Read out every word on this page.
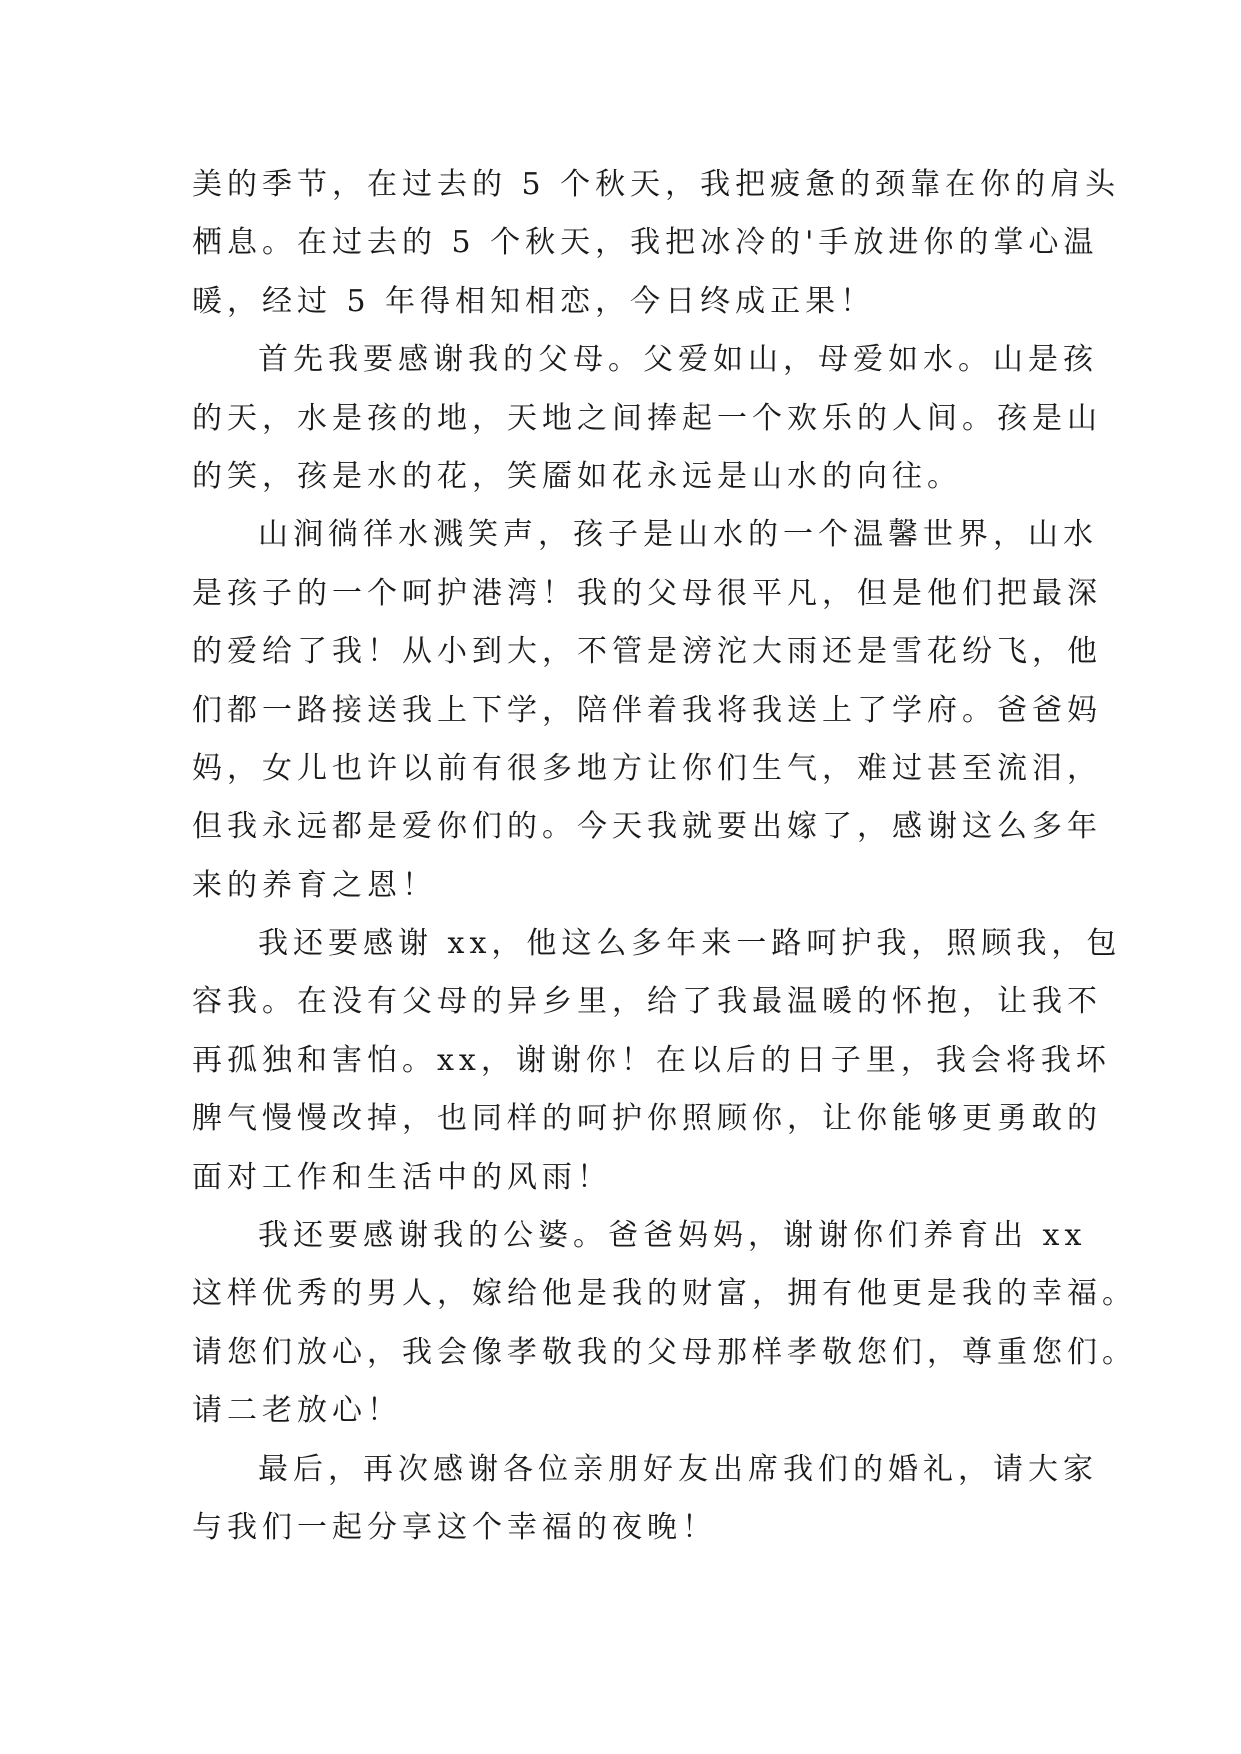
美的季节，在过去的 5 个秋天，我把疲惫的颈靠在你的肩头
栖息。在过去的 5 个秋天，我把冰冷的'手放进你的掌心温
暖，经过 5 年得相知相恋，今日终成正果！
首先我要感谢我的父母。父爱如山，母爱如水。山是孩
的天，水是孩的地，天地之间捧起一个欢乐的人间。孩是山
的笑，孩是水的花，笑靥如花永远是山水的向往。
山涧徜徉水溅笑声，孩子是山水的一个温馨世界，山水
是孩子的一个呵护港湾！我的父母很平凡，但是他们把最深
的爱给了我！从小到大，不管是滂沱大雨还是雪花纷飞，他
们都一路接送我上下学，陪伴着我将我送上了学府。爸爸妈
妈，女儿也许以前有很多地方让你们生气，难过甚至流泪，
但我永远都是爱你们的。今天我就要出嫁了，感谢这么多年
来的养育之恩！
我还要感谢 xx，他这么多年来一路呵护我，照顾我，包
容我。在没有父母的异乡里，给了我最温暖的怀抱，让我不
再孤独和害怕。xx，谢谢你！在以后的日子里，我会将我坏
脾气慢慢改掉，也同样的呵护你照顾你，让你能够更勇敢的
面对工作和生活中的风雨！
我还要感谢我的公婆。爸爸妈妈，谢谢你们养育出 xx
这样优秀的男人，嫁给他是我的财富，拥有他更是我的幸福。
请您们放心，我会像孝敬我的父母那样孝敬您们，尊重您们。
请二老放心！
最后，再次感谢各位亲朋好友出席我们的婚礼，请大家
与我们一起分享这个幸福的夜晚！
